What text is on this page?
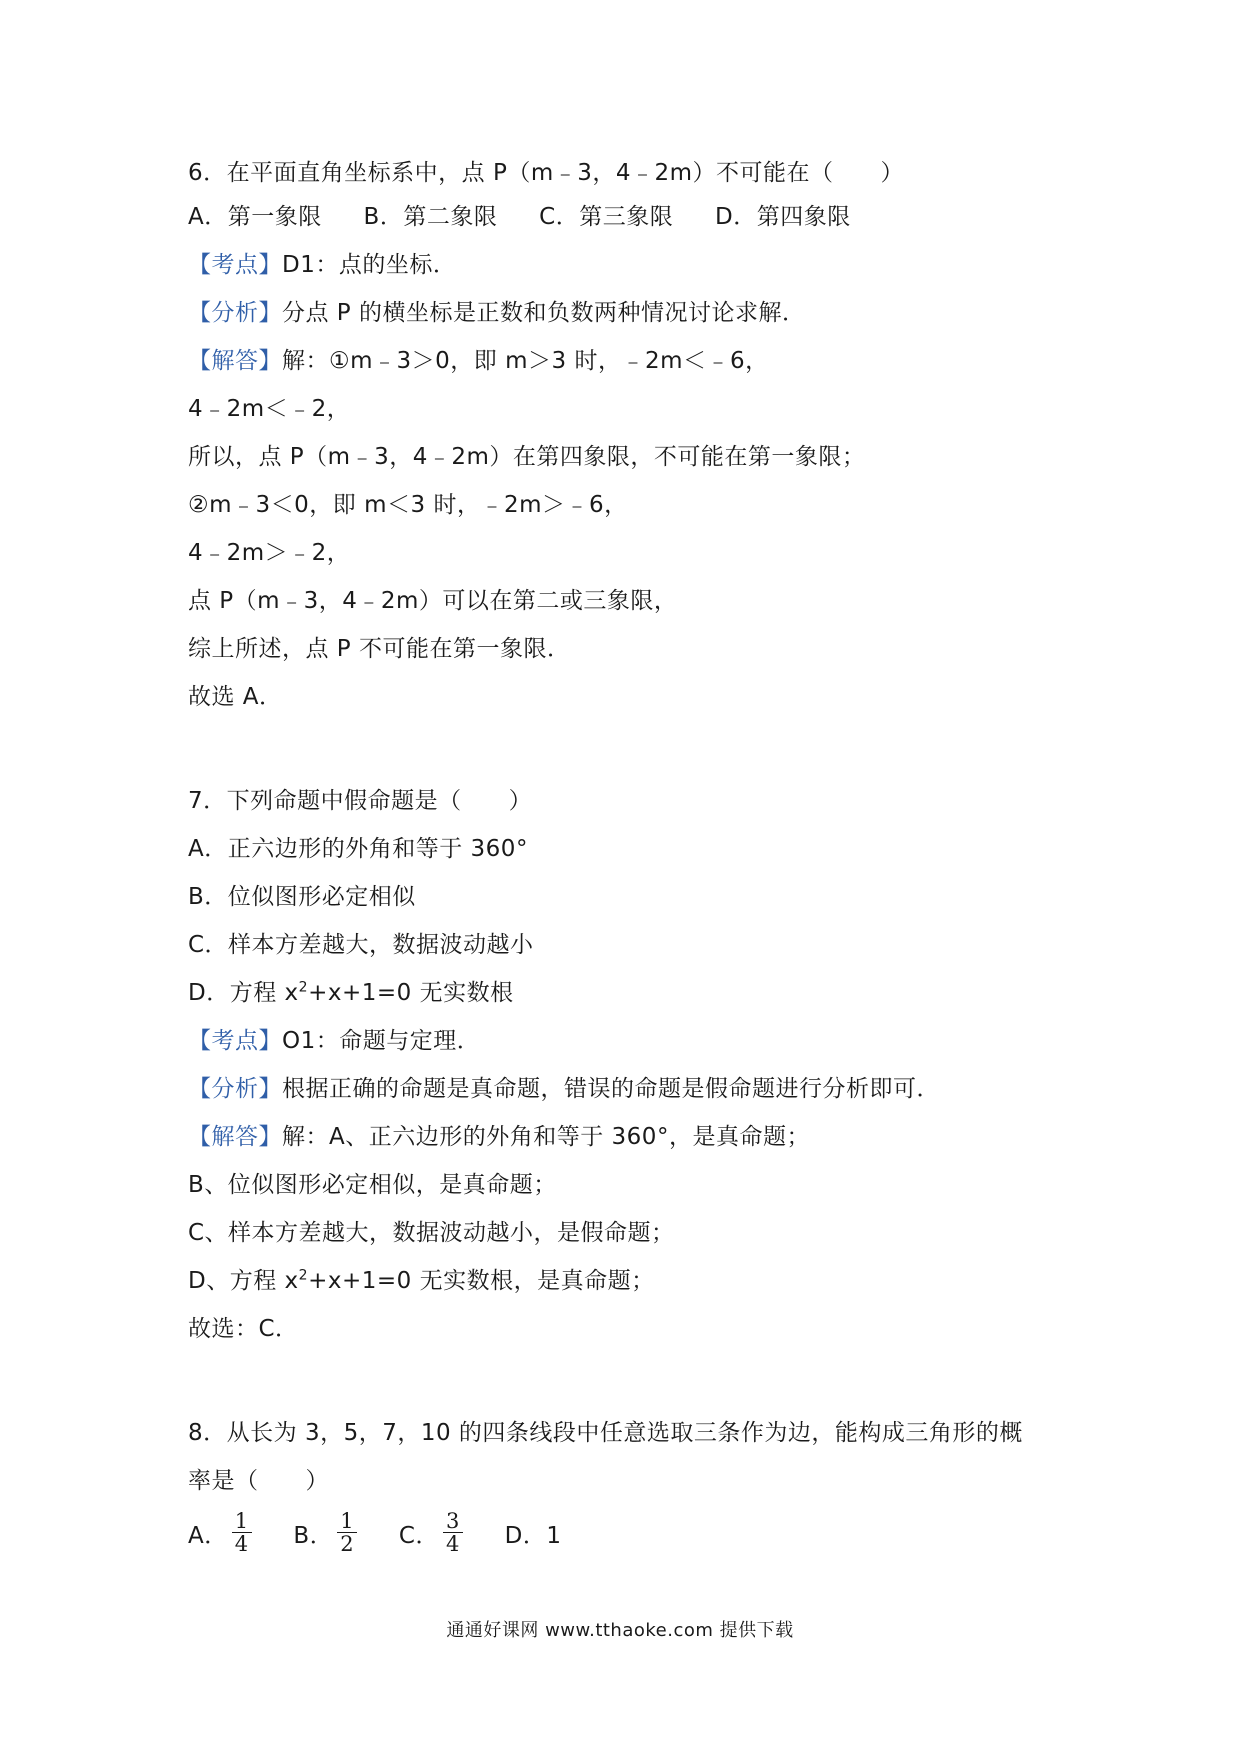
6．在平面直角坐标系中，点 P（m﹣3，4﹣2m）不可能在（　　）
A．第一象限 B．第二象限 C．第三象限 D．第四象限
【考点】D1：点的坐标．
【分析】分点 P 的横坐标是正数和负数两种情况讨论求解．
【解答】解：①m﹣3＞0，即 m＞3 时，﹣2m＜﹣6，
4﹣2m＜﹣2，
所以，点 P（m﹣3，4﹣2m）在第四象限，不可能在第一象限；
②m﹣3＜0，即 m＜3 时，﹣2m＞﹣6，
4﹣2m＞﹣2，
点 P（m﹣3，4﹣2m）可以在第二或三象限，
综上所述，点 P 不可能在第一象限．
故选 A．
7．下列命题中假命题是（　　）
A．正六边形的外角和等于 360°
B．位似图形必定相似
C．样本方差越大，数据波动越小
D．方程 $x^2+x+1=0$ 无实数根
【考点】O1：命题与定理．
【分析】根据正确的命题是真命题，错误的命题是假命题进行分析即可．
【解答】解：A、正六边形的外角和等于 360°，是真命题；
B、位似图形必定相似，是真命题；
C、样本方差越大，数据波动越小，是假命题；
D、方程 $x^2+x+1=0$ 无实数根，是真命题；
故选：C．
8．从长为 3，5，7，10 的四条线段中任意选取三条作为边，能构成三角形的概
率是（　　）
A． $\frac{1}{4}$ B． $\frac{1}{2}$ C． $\frac{3}{4}$ D．1
通通好课网 www.tthaoke.com 提供下载
